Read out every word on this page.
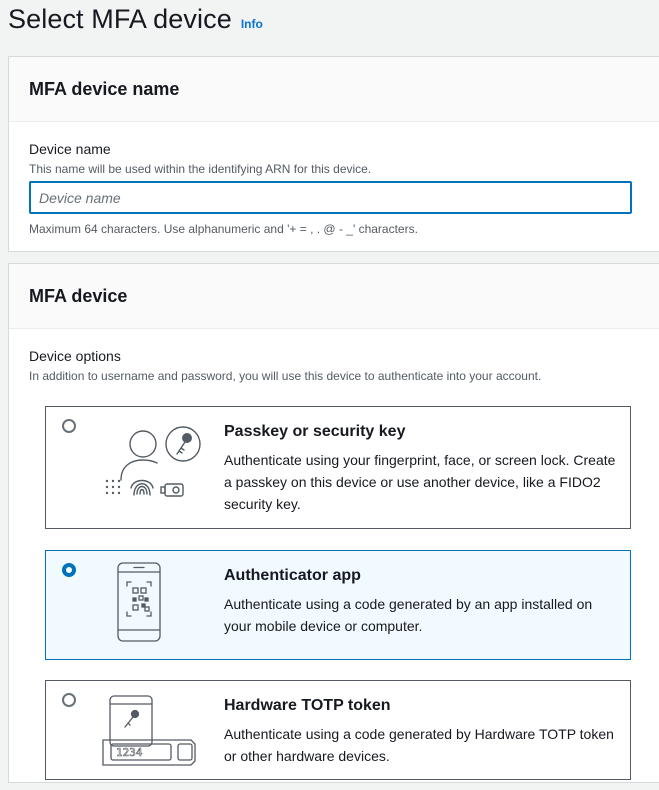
Select MFA device Info
MFA device name

Device name

This name will be used within the identifying ARN for this device.

Device name

Maximum 64 characters. Use alphanumeric and '+ = , . @ - _' characters.

MFA device

Device options

In addition to username and password, you will use this device to authenticate into your account.

Passkey or security key

Authenticate using your fingerprint, face, or screen lock. Create a passkey on this device or use another device, like a FIDO2 security key.

Authenticator app

Authenticate using a code generated by an app installed on your mobile device or computer.

1234

Hardware TOTP token

Authenticate using a code generated by Hardware TOTP token or other hardware devices.
